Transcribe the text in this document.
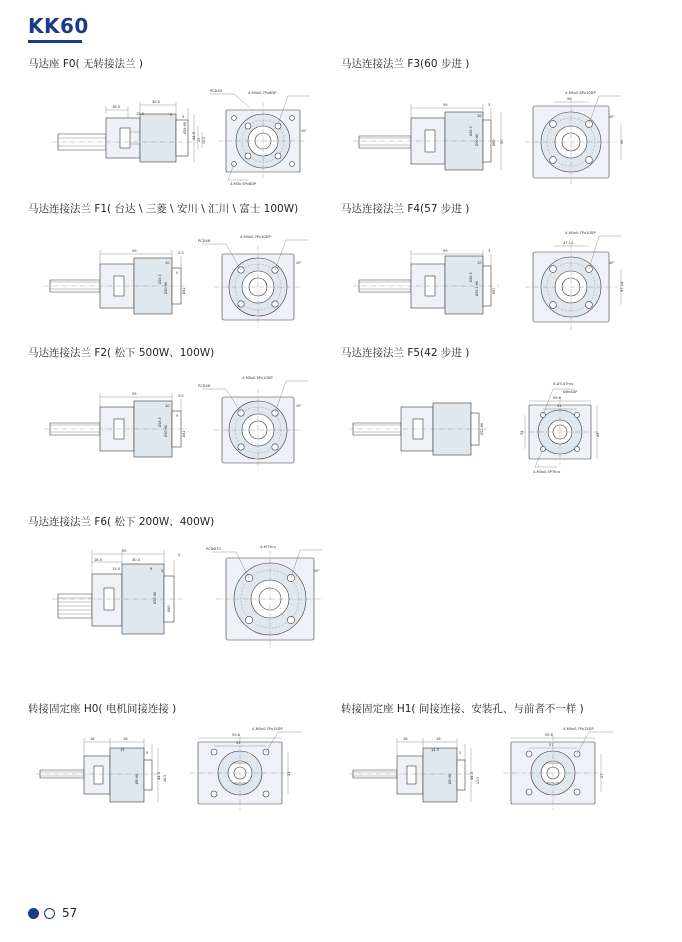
KK60
马达座 F0( 无转接法兰 )
18.5
30.5
15.5	9	5
44.5 23 10.5
Ø28 H8
PCD40	4-M4x0.7Px8DP
45°
4-M3x.5Px8DP
马达连接法兰 F3(60 步进 )
59
10
3
Ø28.5
Ø30 H8	Ø60 50
4-M5x0.8Px10DP
50
50
45°
马达连接法兰 F1( 台达 \ 三菱 \ 安川 \ 汇川 \ 富士 100W)
59
10
3.5
9
Ø28.5
Ø30 H8	Ø42
PCD46
4-M4x0.7Px10DP
45°
马达连接法兰 F4(57 步进 )
59
10
3
Ø28.5
Ø38.1 H8	Ø57
4-M4x0.7Px10DP
47.14
47.14
45°
马达连接法兰 F2( 松下 500W、100W)
59
10
3.5
9
Ø28.5
Ø30 H8	Ø42
PCD46
4-M3x0.5Px10DP
45°
马达连接法兰 F5(42 步进 )
Ø22 H8
4-Ø3.4Thru
Ø6x4DP
59.6
31
31	43
4-M3x0.5PThru
马达连接法兰 F6( 松下 200W、400W)
18.5
59
30.5
15.5	9 5
4
Ø30 H8
Ø60
PCDØ70	4-M Thru
45°
转接固定座 H0( 电机间接连接 )
18	16
15
5
Ø8 H8	44.5 16.5
59.6
53
4-M4x0.7Px15DP
33
转接固定座 H1( 间接连接、安装孔、与前者不一样 )
18	16
14.5
5
Ø8 H8	44.5
13.5
59.6
27
4-M4x0.7Px15DP
27
57
